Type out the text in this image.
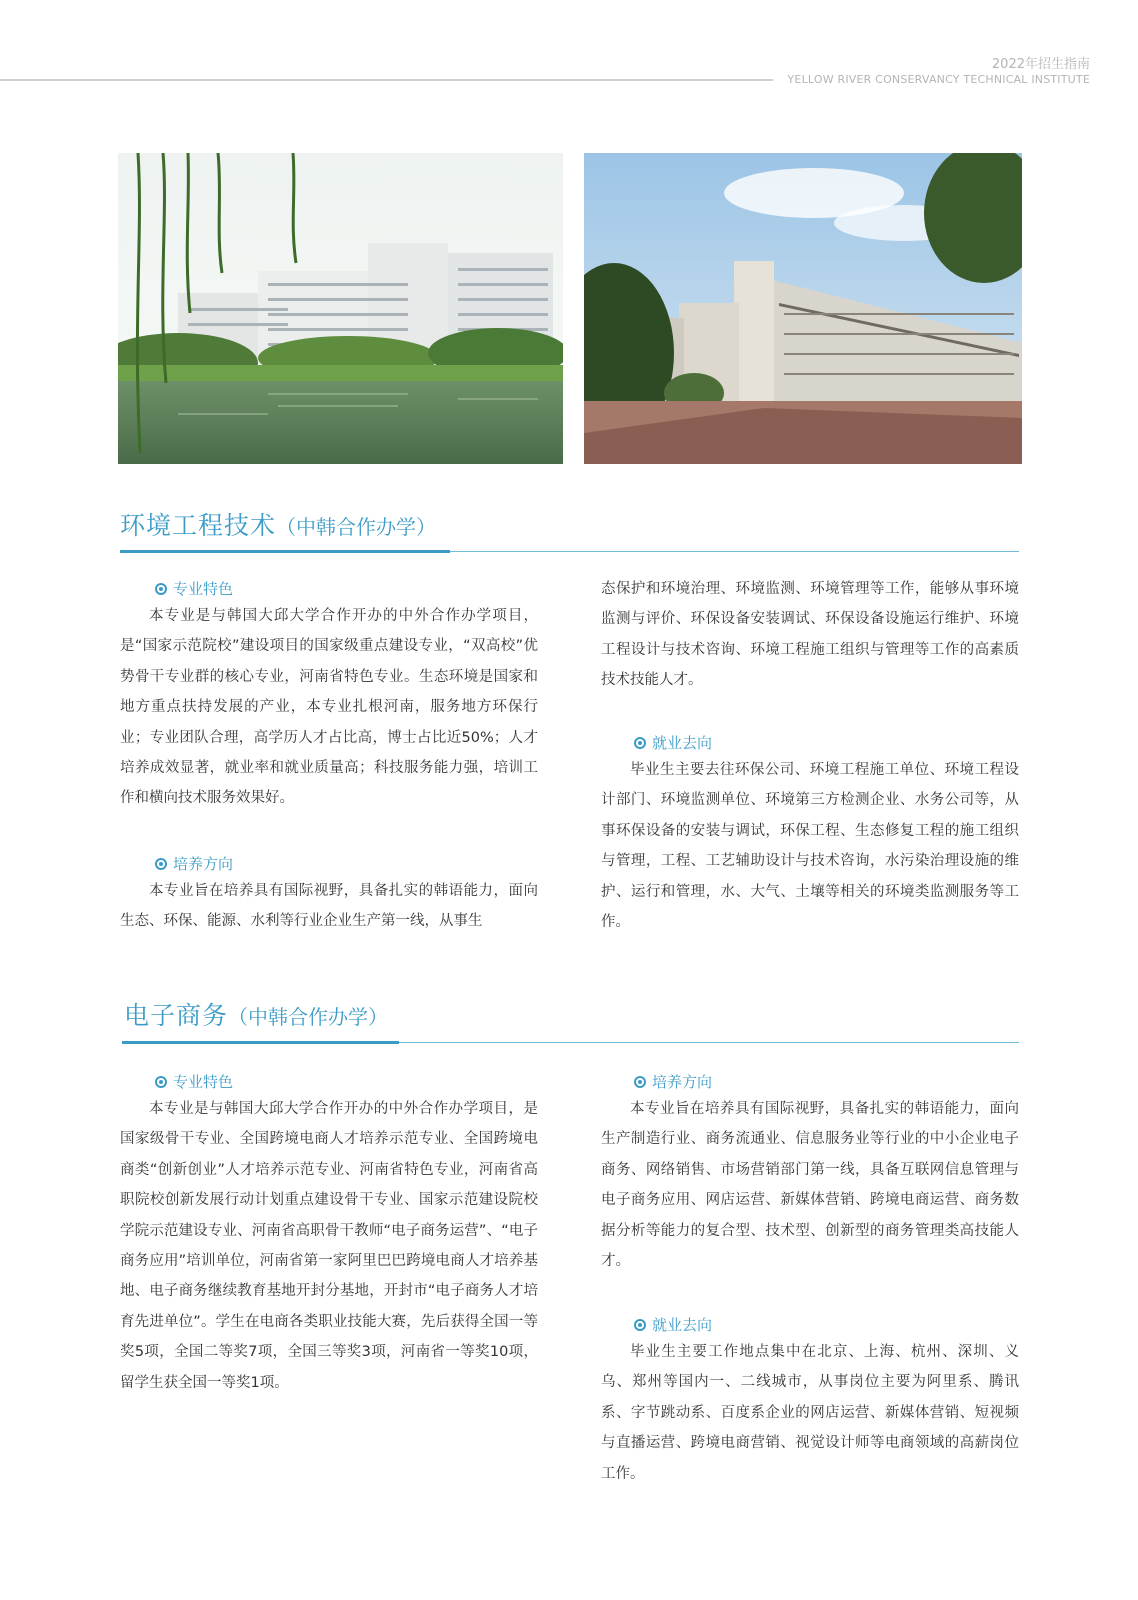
2022年招生指南
YELLOW RIVER CONSERVANCY TECHNICAL INSTITUTE
环境工程技术（中韩合作办学）
专业特色

本专业是与韩国大邱大学合作开办的中外合作办学项目，是“国家示范院校”建设项目的国家级重点建设专业，“双高校”优势骨干专业群的核心专业，河南省特色专业。生态环境是国家和地方重点扶持发展的产业，本专业扎根河南，服务地方环保行业；专业团队合理，高学历人才占比高，博士占比近50%；人才培养成效显著，就业率和就业质量高；科技服务能力强，培训工作和横向技术服务效果好。

培养方向

本专业旨在培养具有国际视野，具备扎实的韩语能力，面向生态、环保、能源、水利等行业企业生产第一线，从事生

态保护和环境治理、环境监测、环境管理等工作，能够从事环境监测与评价、环保设备安装调试、环保设备设施运行维护、环境工程设计与技术咨询、环境工程施工组织与管理等工作的高素质技术技能人才。

就业去向

毕业生主要去往环保公司、环境工程施工单位、环境工程设计部门、环境监测单位、环境第三方检测企业、水务公司等，从事环保设备的安装与调试，环保工程、生态修复工程的施工组织与管理，工程、工艺辅助设计与技术咨询，水污染治理设施的维护、运行和管理，水、大气、土壤等相关的环境类监测服务等工作。

电子商务（中韩合作办学）
专业特色

本专业是与韩国大邱大学合作开办的中外合作办学项目，是国家级骨干专业、全国跨境电商人才培养示范专业、全国跨境电商类“创新创业”人才培养示范专业、河南省特色专业，河南省高职院校创新发展行动计划重点建设骨干专业、国家示范建设院校学院示范建设专业、河南省高职骨干教师“电子商务运营”、“电子商务应用”培训单位，河南省第一家阿里巴巴跨境电商人才培养基地、电子商务继续教育基地开封分基地，开封市“电子商务人才培育先进单位”。学生在电商各类职业技能大赛，先后获得全国一等奖5项，全国二等奖7项，全国三等奖3项，河南省一等奖10项，留学生获全国一等奖1项。

培养方向

本专业旨在培养具有国际视野，具备扎实的韩语能力，面向生产制造行业、商务流通业、信息服务业等行业的中小企业电子商务、网络销售、市场营销部门第一线，具备互联网信息管理与电子商务应用、网店运营、新媒体营销、跨境电商运营、商务数据分析等能力的复合型、技术型、创新型的商务管理类高技能人才。

就业去向

毕业生主要工作地点集中在北京、上海、杭州、深圳、义乌、郑州等国内一、二线城市，从事岗位主要为阿里系、腾讯系、字节跳动系、百度系企业的网店运营、新媒体营销、短视频与直播运营、跨境电商营销、视觉设计师等电商领域的高薪岗位工作。
